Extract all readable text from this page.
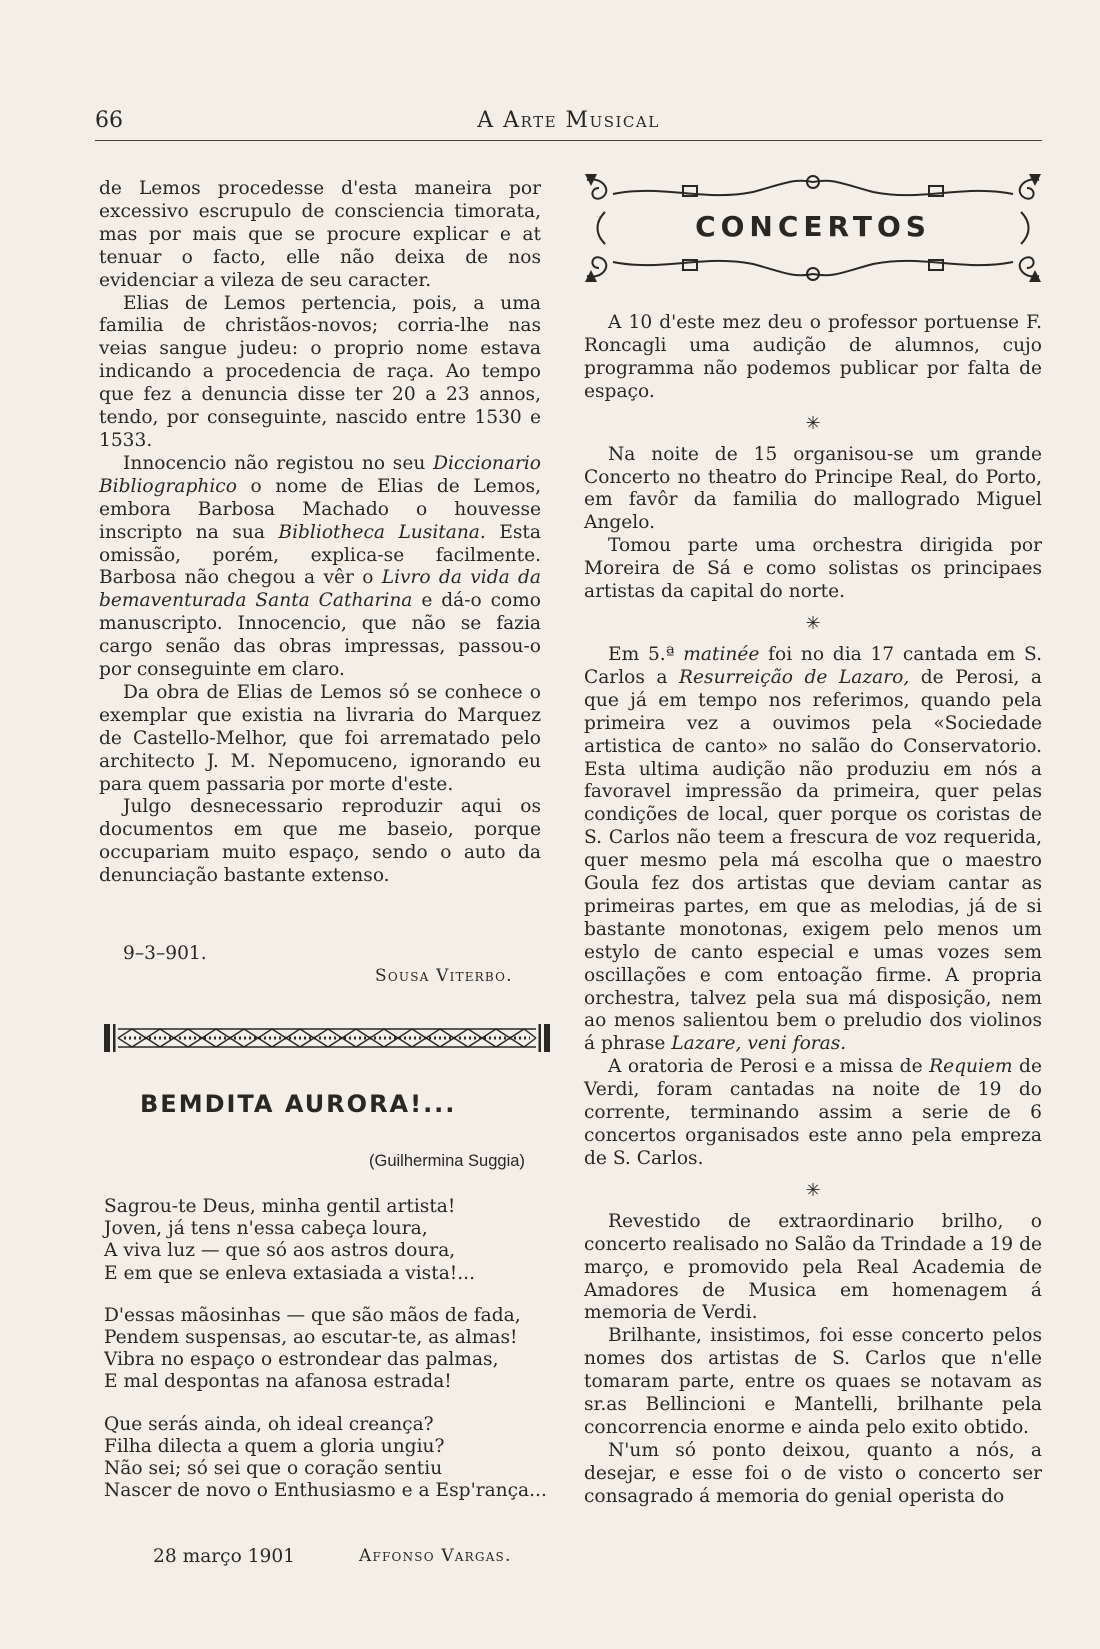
66	A Arte Musical

de Lemos procedesse d'esta maneira por excessivo escrupulo de consciencia timorata, mas por mais que se procure explicar e at tenuar o facto, elle não deixa de nos evidenciar a vileza de seu caracter.

Elias de Lemos pertencia, pois, a uma familia de christãos-novos; corria-lhe nas veias sangue judeu: o proprio nome estava indicando a procedencia de raça. Ao tempo que fez a denuncia disse ter 20 a 23 annos, tendo, por conseguinte, nascido entre 1530 e 1533.

Innocencio não registou no seu Diccionario Bibliographico o nome de Elias de Lemos, embora Barbosa Machado o houvesse inscripto na sua Bibliotheca Lusitana. Esta omissão, porém, explica-se facilmente. Barbosa não chegou a vêr o Livro da vida da bemaventurada Santa Catharina e dá-o como manuscripto. Innocencio, que não se fazia cargo senão das obras impressas, passou-o por conseguinte em claro.

Da obra de Elias de Lemos só se conhece o exemplar que existia na livraria do Marquez de Castello-Melhor, que foi arrematado pelo architecto J. M. Nepomuceno, ignorando eu para quem passaria por morte d'este.

Julgo desnecessario reproduzir aqui os documentos em que me baseio, porque occupariam muito espaço, sendo o auto da denunciação bastante extenso.

9–3–901.
Sousa Viterbo.
BEMDITA AURORA!...
(Guilhermina Suggia)
Sagrou-te Deus, minha gentil artista!
Joven, já tens n'essa cabeça loura,
A viva luz — que só aos astros doura,
E em que se enleva extasiada a vista!...
D'essas mãosinhas — que são mãos de fada,
Pendem suspensas, ao escutar-te, as almas!
Vibra no espaço o estrondear das palmas,
E mal despontas na afanosa estrada!
Que serás ainda, oh ideal creança?
Filha dilecta a quem a gloria ungiu?
Não sei; só sei que o coração sentiu
Nascer de novo o Enthusiasmo e a Esp'rança...
28 março 1901	Affonso Vargas.
CONCERTOS

A 10 d'este mez deu o professor portuense F. Roncagli uma audição de alumnos, cujo programma não podemos publicar por falta de espaço.

✳

Na noite de 15 organisou-se um grande Concerto no theatro do Principe Real, do Porto, em favôr da familia do mallogrado Miguel Angelo.

Tomou parte uma orchestra dirigida por Moreira de Sá e como solistas os principaes artistas da capital do norte.

✳

Em 5.ª matinée foi no dia 17 cantada em S. Carlos a Resurreição de Lazaro, de Perosi, a que já em tempo nos referimos, quando pela primeira vez a ouvimos pela «Sociedade artistica de canto» no salão do Conservatorio. Esta ultima audição não produziu em nós a favoravel impressão da primeira, quer pelas condições de local, quer porque os coristas de S. Carlos não teem a frescura de voz requerida, quer mesmo pela má escolha que o maestro Goula fez dos artistas que deviam cantar as primeiras partes, em que as melodias, já de si bastante monotonas, exigem pelo menos um estylo de canto especial e umas vozes sem oscillações e com entoação firme. A propria orchestra, talvez pela sua má disposição, nem ao menos salientou bem o preludio dos violinos á phrase Lazare, veni foras.

A oratoria de Perosi e a missa de Requiem de Verdi, foram cantadas na noite de 19 do corrente, terminando assim a serie de 6 concertos organisados este anno pela empreza de S. Carlos.

✳

Revestido de extraordinario brilho, o concerto realisado no Salão da Trindade a 19 de março, e promovido pela Real Academia de Amadores de Musica em homenagem á memoria de Verdi.

Brilhante, insistimos, foi esse concerto pelos nomes dos artistas de S. Carlos que n'elle tomaram parte, entre os quaes se notavam as sr.as Bellincioni e Mantelli, brilhante pela concorrencia enorme e ainda pelo exito obtido.

N'um só ponto deixou, quanto a nós, a desejar, e esse foi o de visto o concerto ser consagrado á memoria do genial operista do
